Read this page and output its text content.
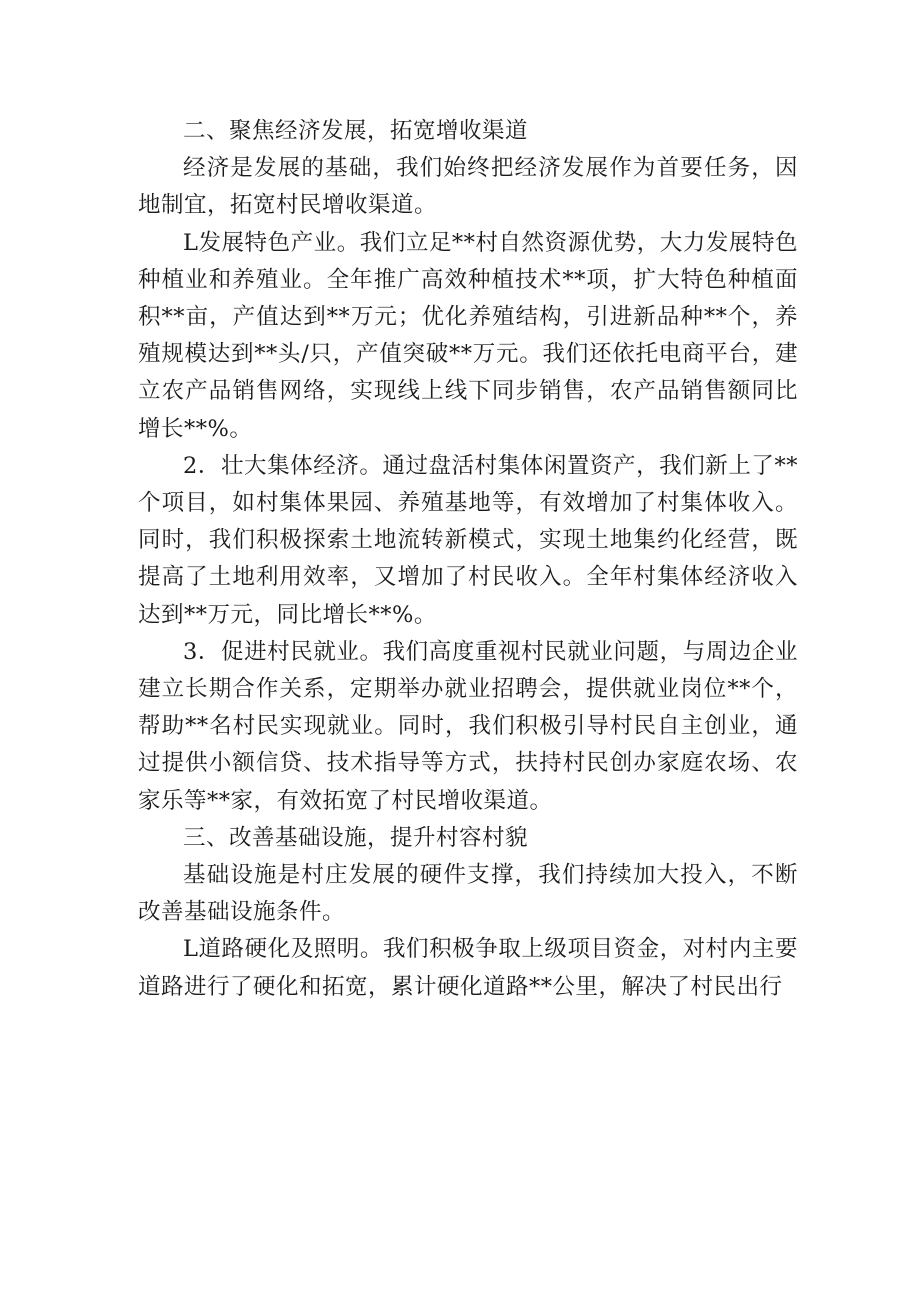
二、聚焦经济发展，拓宽增收渠道

经济是发展的基础，我们始终把经济发展作为首要任务，因地制宜，拓宽村民增收渠道。

L发展特色产业。我们立足**村自然资源优势，大力发展特色种植业和养殖业。全年推广高效种植技术**项，扩大特色种植面积**亩，产值达到**万元；优化养殖结构，引进新品种**个，养殖规模达到**头/只，产值突破**万元。我们还依托电商平台，建立农产品销售网络，实现线上线下同步销售，农产品销售额同比增长**%。

2．壮大集体经济。通过盘活村集体闲置资产，我们新上了**个项目，如村集体果园、养殖基地等，有效增加了村集体收入。同时，我们积极探索土地流转新模式，实现土地集约化经营，既提高了土地利用效率，又增加了村民收入。全年村集体经济收入达到**万元，同比增长**%。

3．促进村民就业。我们高度重视村民就业问题，与周边企业建立长期合作关系，定期举办就业招聘会，提供就业岗位**个，帮助**名村民实现就业。同时，我们积极引导村民自主创业，通过提供小额信贷、技术指导等方式，扶持村民创办家庭农场、农家乐等**家，有效拓宽了村民增收渠道。

三、改善基础设施，提升村容村貌

基础设施是村庄发展的硬件支撑，我们持续加大投入，不断改善基础设施条件。

L道路硬化及照明。我们积极争取上级项目资金，对村内主要道路进行了硬化和拓宽，累计硬化道路**公里，解决了村民出行
